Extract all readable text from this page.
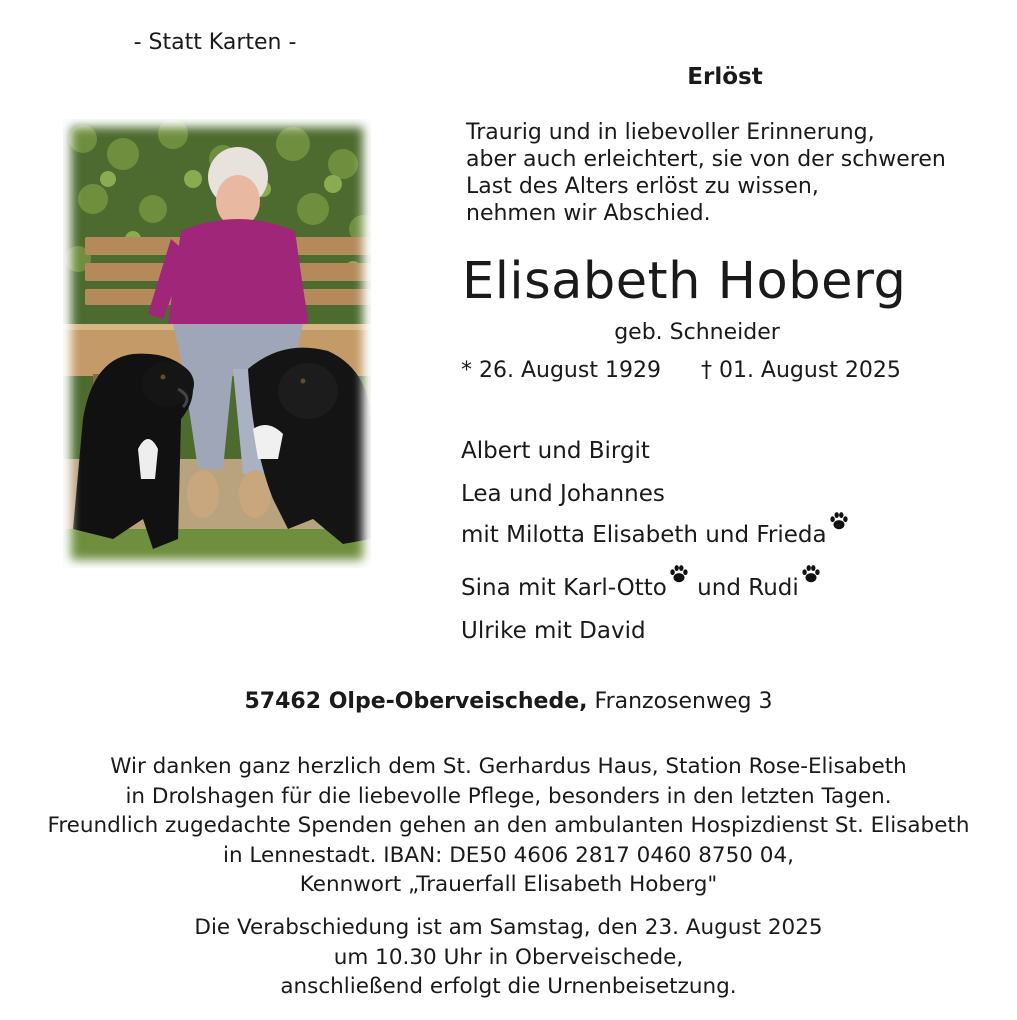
- Statt Karten -
Erlöst
Traurig und in liebevoller Erinnerung,
aber auch erleichtert, sie von der schweren
Last des Alters erlöst zu wissen,
nehmen wir Abschied.
Elisabeth Hoberg
geb. Schneider
* 26. August 1929 † 01. August 2025
Albert und Birgit
Lea und Johannes
mit Milotta Elisabeth und Frieda
Sina mit Karl-Otto und Rudi
Ulrike mit David
57462 Olpe-Oberveischede, Franzosenweg 3
Wir danken ganz herzlich dem St. Gerhardus Haus, Station Rose-Elisabeth
in Drolshagen für die liebevolle Pflege, besonders in den letzten Tagen.
Freundlich zugedachte Spenden gehen an den ambulanten Hospizdienst St. Elisabeth
in Lennestadt. IBAN: DE50 4606 2817 0460 8750 04,
Kennwort „Trauerfall Elisabeth Hoberg"
Die Verabschiedung ist am Samstag, den 23. August 2025
um 10.30 Uhr in Oberveischede,
anschließend erfolgt die Urnenbeisetzung.
